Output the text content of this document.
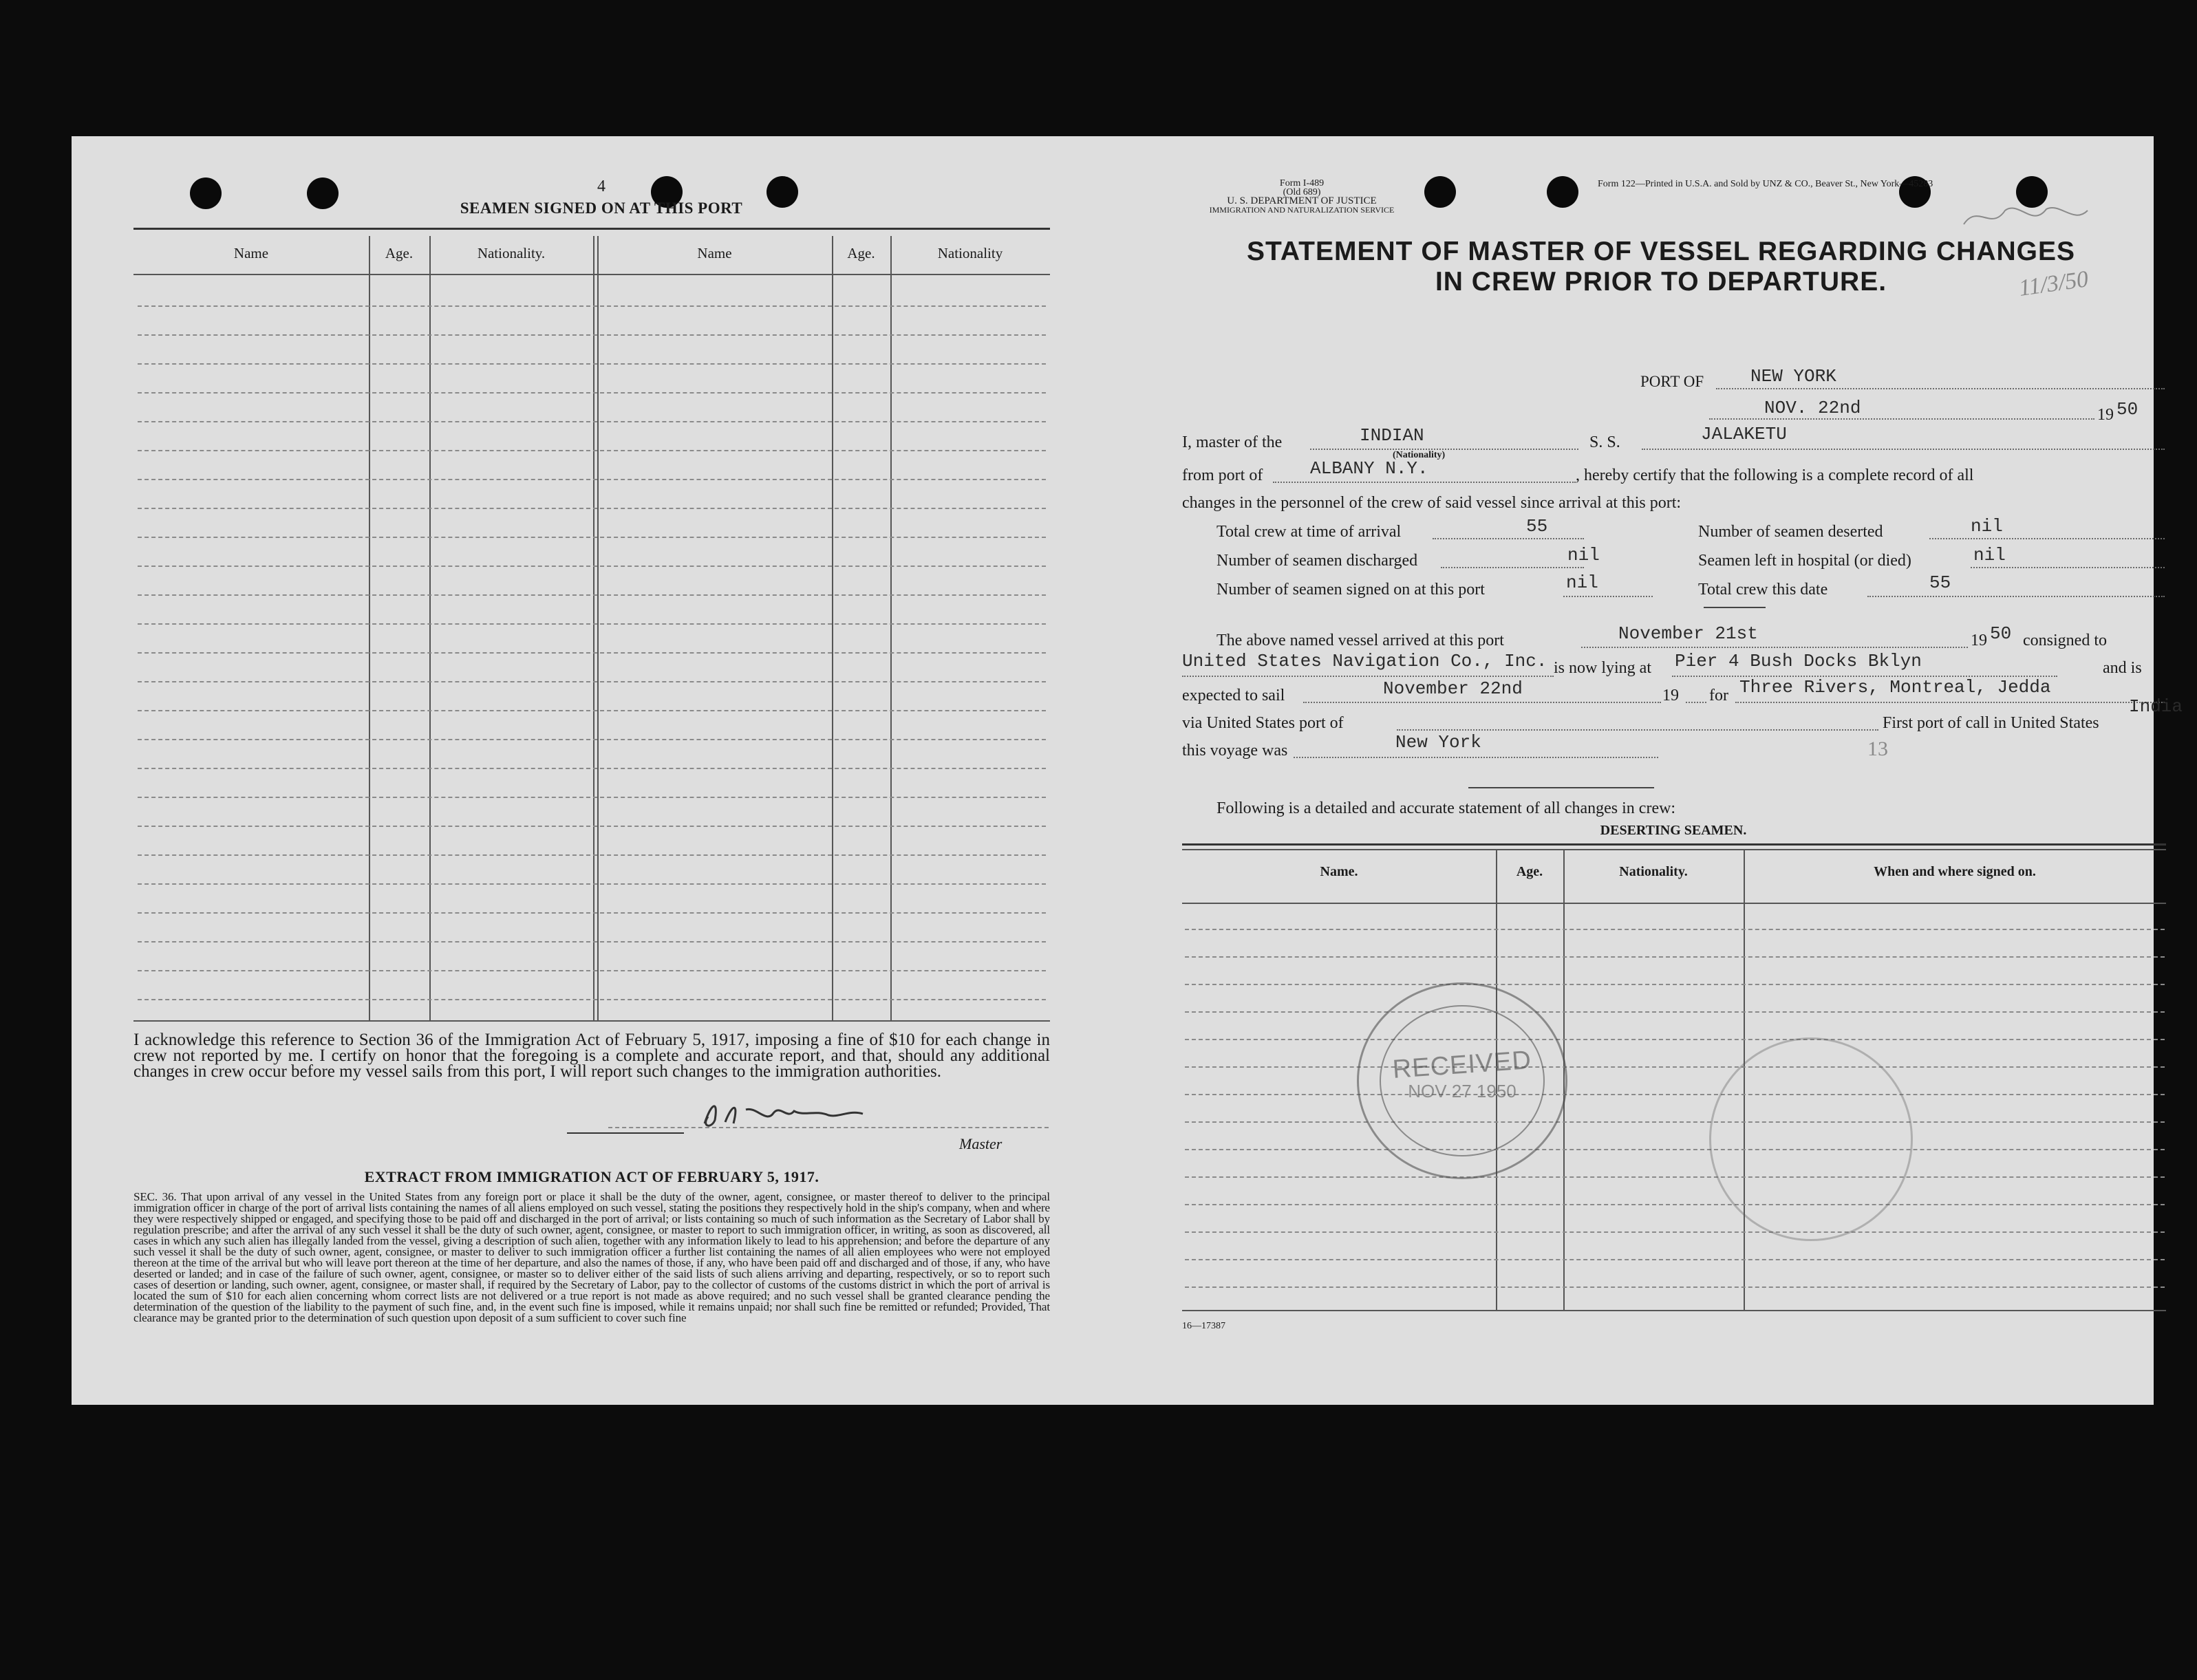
4
SEAMEN SIGNED ON AT THIS PORT
Name	Age.	Nationality.	Name	Age.	Nationality
I acknowledge this reference to Section 36 of the Immigration Act of February 5, 1917, imposing a fine of $10 for each change in crew not reported by me. I certify on honor that the foregoing is a complete and accurate report, and that, should any additional changes in crew occur before my vessel sails from this port, I will report such changes to the immigration authorities.
Master
EXTRACT FROM IMMIGRATION ACT OF FEBRUARY 5, 1917.
SEC. 36. That upon arrival of any vessel in the United States from any foreign port or place it shall be the duty of the owner, agent, consignee, or master thereof to deliver to the principal immigration officer in charge of the port of arrival lists containing the names of all aliens employed on such vessel, stating the positions they respectively hold in the ship's company, when and where they were respectively shipped or engaged, and specifying those to be paid off and discharged in the port of arrival; or lists containing so much of such information as the Secretary of Labor shall by regulation prescribe; and after the arrival of any such vessel it shall be the duty of such owner, agent, consignee, or master to report to such immigration officer, in writing, as soon as discovered, all cases in which any such alien has illegally landed from the vessel, giving a description of such alien, together with any information likely to lead to his apprehension; and before the departure of any such vessel it shall be the duty of such owner, agent, consignee, or master to deliver to such immigration officer a further list containing the names of all alien employees who were not employed thereon at the time of the arrival but who will leave port thereon at the time of her departure, and also the names of those, if any, who have been paid off and discharged and of those, if any, who have deserted or landed; and in case of the failure of such owner, agent, consignee, or master so to deliver either of the said lists of such aliens arriving and departing, respectively, or so to report such cases of desertion or landing, such owner, agent, consignee, or master shall, if required by the Secretary of Labor, pay to the collector of customs of the customs district in which the port of arrival is located the sum of $10 for each alien concerning whom correct lists are not delivered or a true report is not made as above required; and no such vessel shall be granted clearance pending the determination of the question of the liability to the payment of such fine, and, in the event such fine is imposed, while it remains unpaid; nor shall such fine be remitted or refunded; Provided, That clearance may be granted prior to the determination of such question upon deposit of a sum sufficient to cover such fine
Form I-489
(Old 689)
U. S. DEPARTMENT OF JUSTICE
IMMIGRATION AND NATURALIZATION SERVICE
Form 122—Printed in U.S.A. and Sold by UNZ & CO., Beaver St., New York—45283
STATEMENT OF MASTER OF VESSEL REGARDING CHANGES
IN CREW PRIOR TO DEPARTURE.	11/3/50
PORT OF	NEW YORK
NOV. 22nd	19 50
I, master of the	INDIAN
(Nationality)
S. S.	JALAKETU
from port of	ALBANY N.Y.	, hereby certify that the following is a complete record of all
changes in the personnel of the crew of said vessel since arrival at this port:
Total crew at time of arrival	55	Number of seamen deserted	nil
Number of seamen discharged	nil	Seamen left in hospital (or died)	nil
Number of seamen signed on at this port	nil	Total crew this date	55
The above named vessel arrived at this port	November 21st	19 50 consigned to
United States Navigation Co., Inc. is now lying at Pier 4 Bush Docks Bklyn	and is
expected to sail	November 22nd	19 for Three Rivers, Montreal, Jedda
India
via United States port of	First port of call in United States
this voyage was	New York	13
Following is a detailed and accurate statement of all changes in crew:
DESERTING SEAMEN.
Name.	Age.	Nationality.	When and where signed on.
RECEIVED
NOV 27 1950
16—17387
